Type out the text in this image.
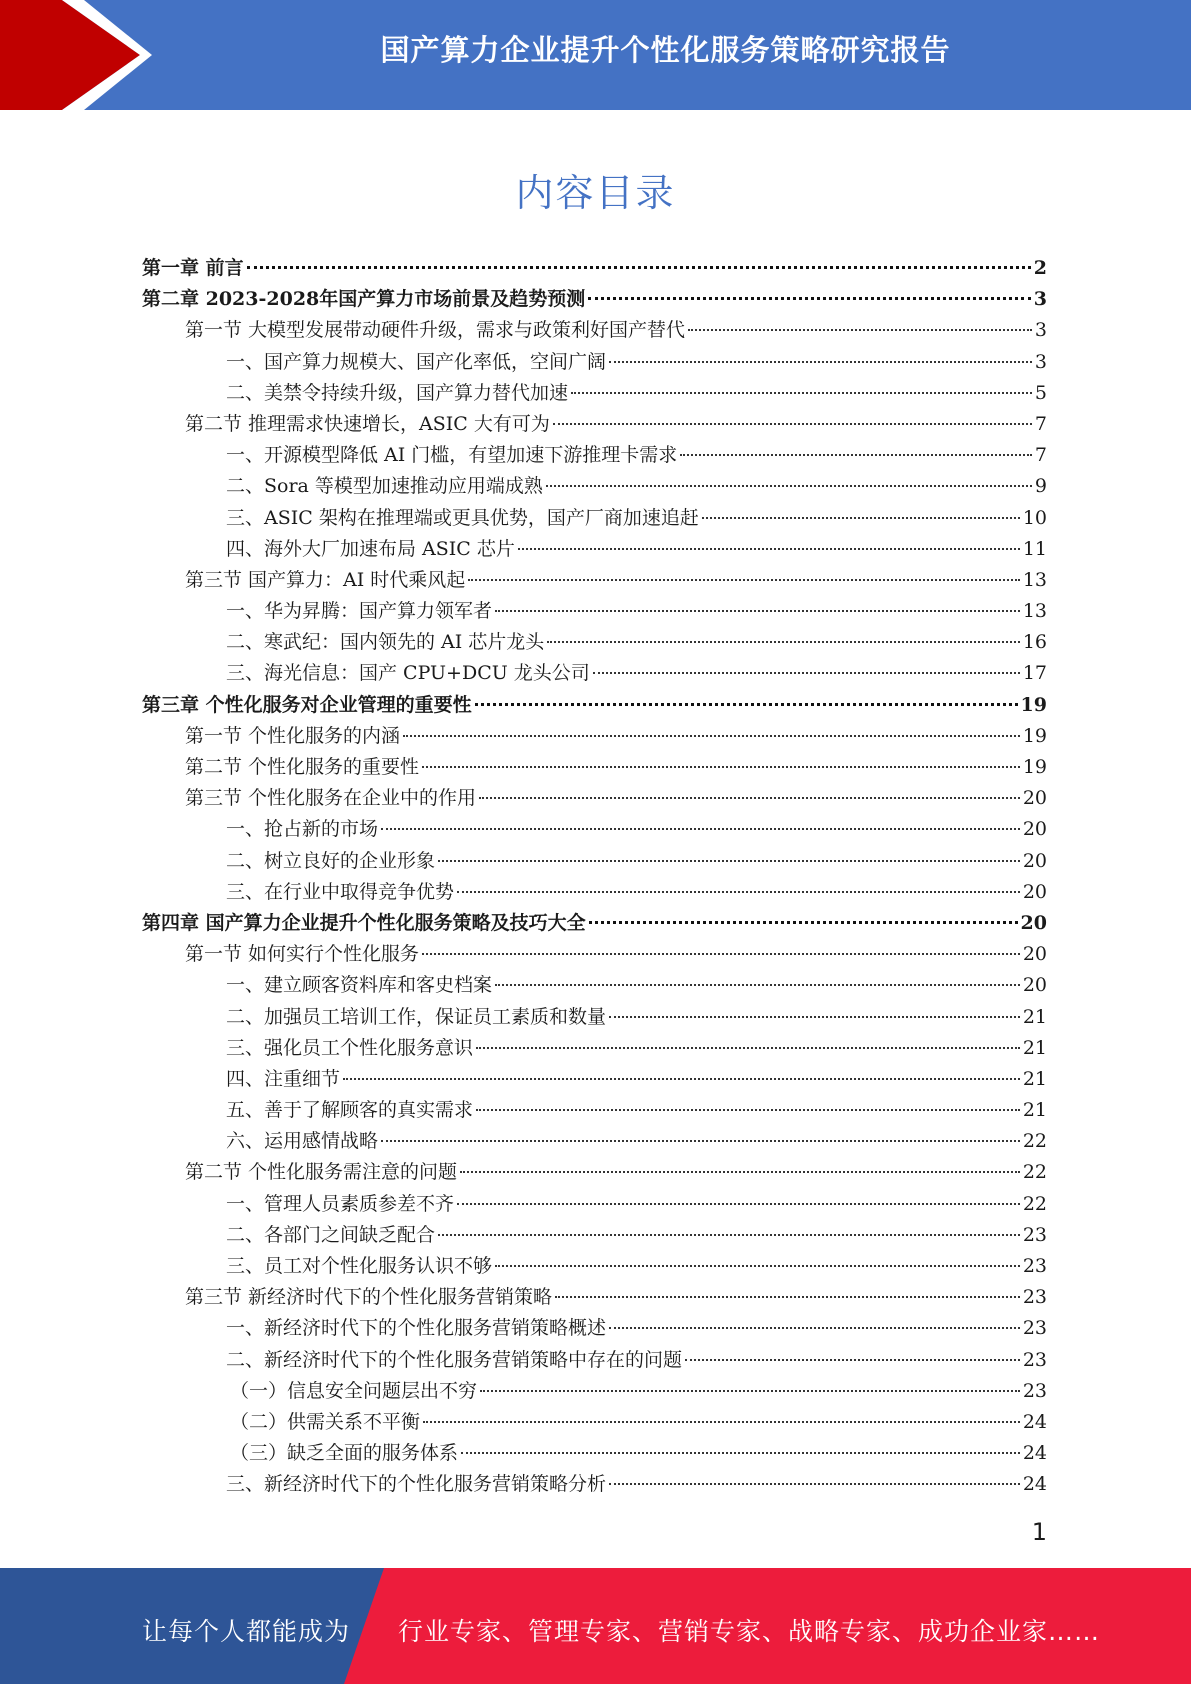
国产算力企业提升个性化服务策略研究报告
内容目录
第一章 前言	2
第二章 2023-2028年国产算力市场前景及趋势预测	3
第一节 大模型发展带动硬件升级，需求与政策利好国产替代	3
一、国产算力规模大、国产化率低，空间广阔	3
二、美禁令持续升级，国产算力替代加速	5
第二节 推理需求快速增长，ASIC 大有可为	7
一、开源模型降低 AI 门槛，有望加速下游推理卡需求	7
二、Sora 等模型加速推动应用端成熟	9
三、ASIC 架构在推理端或更具优势，国产厂商加速追赶	10
四、海外大厂加速布局 ASIC 芯片	11
第三节 国产算力：AI 时代乘风起	13
一、华为昇腾：国产算力领军者	13
二、寒武纪：国内领先的 AI 芯片龙头	16
三、海光信息：国产 CPU+DCU 龙头公司	17
第三章 个性化服务对企业管理的重要性	19
第一节 个性化服务的内涵	19
第二节 个性化服务的重要性	19
第三节 个性化服务在企业中的作用	20
一、抢占新的市场	20
二、树立良好的企业形象	20
三、在行业中取得竞争优势	20
第四章 国产算力企业提升个性化服务策略及技巧大全	20
第一节 如何实行个性化服务	20
一、建立顾客资料库和客史档案	20
二、加强员工培训工作，保证员工素质和数量	21
三、强化员工个性化服务意识	21
四、注重细节	21
五、善于了解顾客的真实需求	21
六、运用感情战略	22
第二节 个性化服务需注意的问题	22
一、管理人员素质参差不齐	22
二、各部门之间缺乏配合	23
三、员工对个性化服务认识不够	23
第三节 新经济时代下的个性化服务营销策略	23
一、新经济时代下的个性化服务营销策略概述	23
二、新经济时代下的个性化服务营销策略中存在的问题	23
（一）信息安全问题层出不穷	23
（二）供需关系不平衡	24
（三）缺乏全面的服务体系	24
三、新经济时代下的个性化服务营销策略分析	24
1
让每个人都能成为 行业专家、管理专家、营销专家、战略专家、成功企业家……
